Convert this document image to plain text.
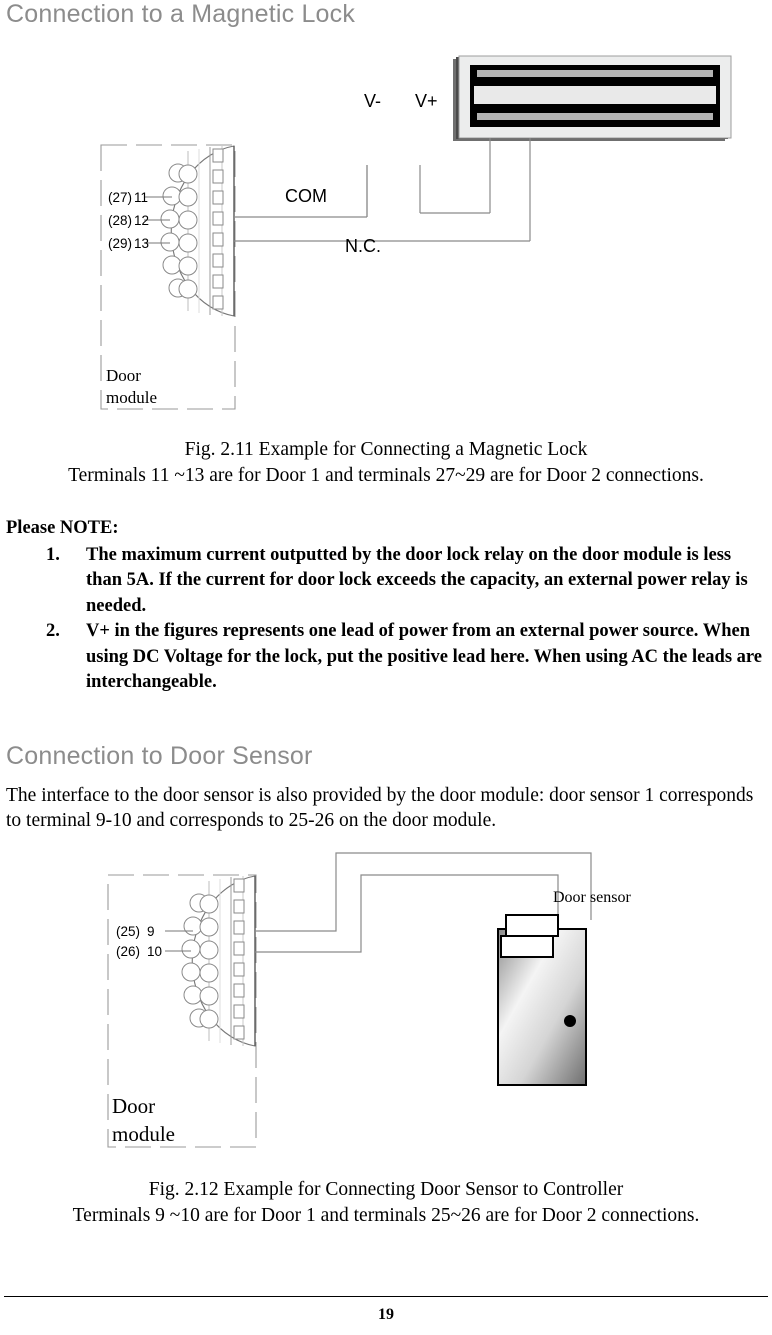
Connection to a Magnetic Lock
(27) 11
(28) 12
(29) 13
Door
module
COM
N.C.
V- V+
Fig. 2.11 Example for Connecting a Magnetic Lock
Terminals 11 ~13 are for Door 1 and terminals 27~29 are for Door 2 connections.

Please NOTE:

1.	The maximum current outputted by the door lock relay on the door module is less than 5A. If the current for door lock exceeds the capacity, an external power relay is needed.
2.	V+ in the figures represents one lead of power from an external power source. When using DC Voltage for the lock, put the positive lead here. When using AC the leads are interchangeable.
Connection to Door Sensor
The interface to the door sensor is also provided by the door module: door sensor 1 corresponds to terminal 9-10 and corresponds to 25-26 on the door module.
(25) 9
(26) 10
Door
module
Door sensor
Fig. 2.12 Example for Connecting Door Sensor to Controller
Terminals 9 ~10 are for Door 1 and terminals 25~26 are for Door 2 connections.
19
